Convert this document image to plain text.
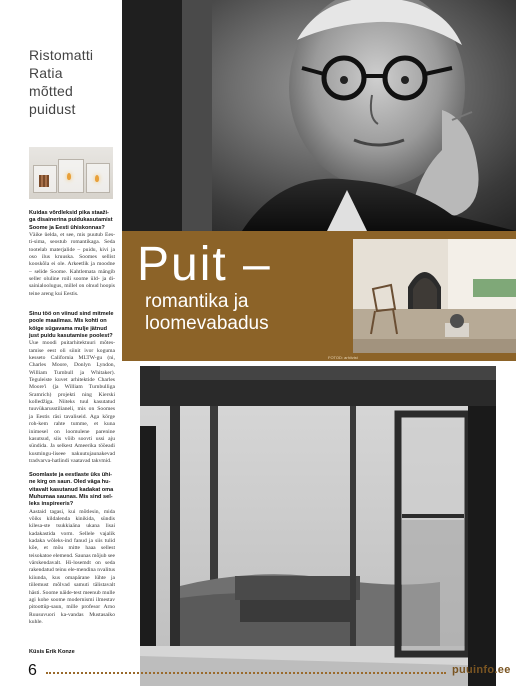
Ristomatti
Ratia
mõtted
puidust
Kuidas võrdleksid pika staaži-ga disainerina puidukasutamist Soome ja Eesti ühiskonnas?
Väike ůelda, et see, mis puutub Ees-ti-sima, seostub romantikaga. Seda tootelab materjalide – puidu, kivi ja oso ilus kruuska. Soomes sellist kooskõla ei ole. Arkeetlik ja moodne – selide Soome. Kahtlemata mängib seller oluline roili soome üld- ja di-sainialoolugus, millel on olnud hoopis teine areng kui Eestis.
Sinu töö on viinud sind mitmele poole maailmas. Mis kohti on köige sügavama mulje jätnud just puidu kasutamise poolest?
Uue moodi puitarhitektuuri mõtes-tamise eest oli siinit ivor koguma kesseto California MLTW-gu (ni, Charles Moore, Donlyn Lyndon, William Turnbull ja Whitaker). Teguleiste kuvet arhitektide Charles Moore'i (ja William Turnbulliga Sramrich) projekti ning Kierski kolledžiga. Niiteks tuul kasutatud tuuvükarusstilianeli, mis on Soomes ja Eestis räsi tavaliseid. Aga körge roh-kem rahte tumme, et kuna inimesel on loomulene parenine kasutsud, siis võib soovti ussi aju sündida. Ja selkest Ameerika tööeadi kusmingu-liseee nakuutujaunakevad tradvarva-hatlindi vaatavad takvmid.
Soomlaste ja eestlaste üks ühi-ne kirg on saun. Oled väga hu-vitavalt kasutanud kadakat oma Muhumaa saunas. Mis sind sel-leks inspireeris?
Aastaid tagasi, kui mõtlesin, mida võiks kildalenda kinikida, sündis kilesa-ste tsukkiaäna ukana lisai kadakastida vorm. Sellele vajalik kadaka wõleks-ind fanud ja siis tulid kõe, et mõu mitte haaa sellest teisokatoe elemend. Saunas mõjub see värskendavalt. Hi-losemdt on seda rakendatud teinu ele-mendina nvalitus kiiunda, kus omapärane lühte ja tiilemust mõlvad samuti tälistavalt hästi. Soome näide-test meenub mulle agi kohe soome modernismi ilmestav pitoottüp-saun, mille profesor Arno Ruusuvuori ka-vandas Mustasaiko kuhle.
Küsis Erik Konze
Puit –
romantika ja
loomevabadus
FOTOD: arhiivist
6	puuinfo.ee
